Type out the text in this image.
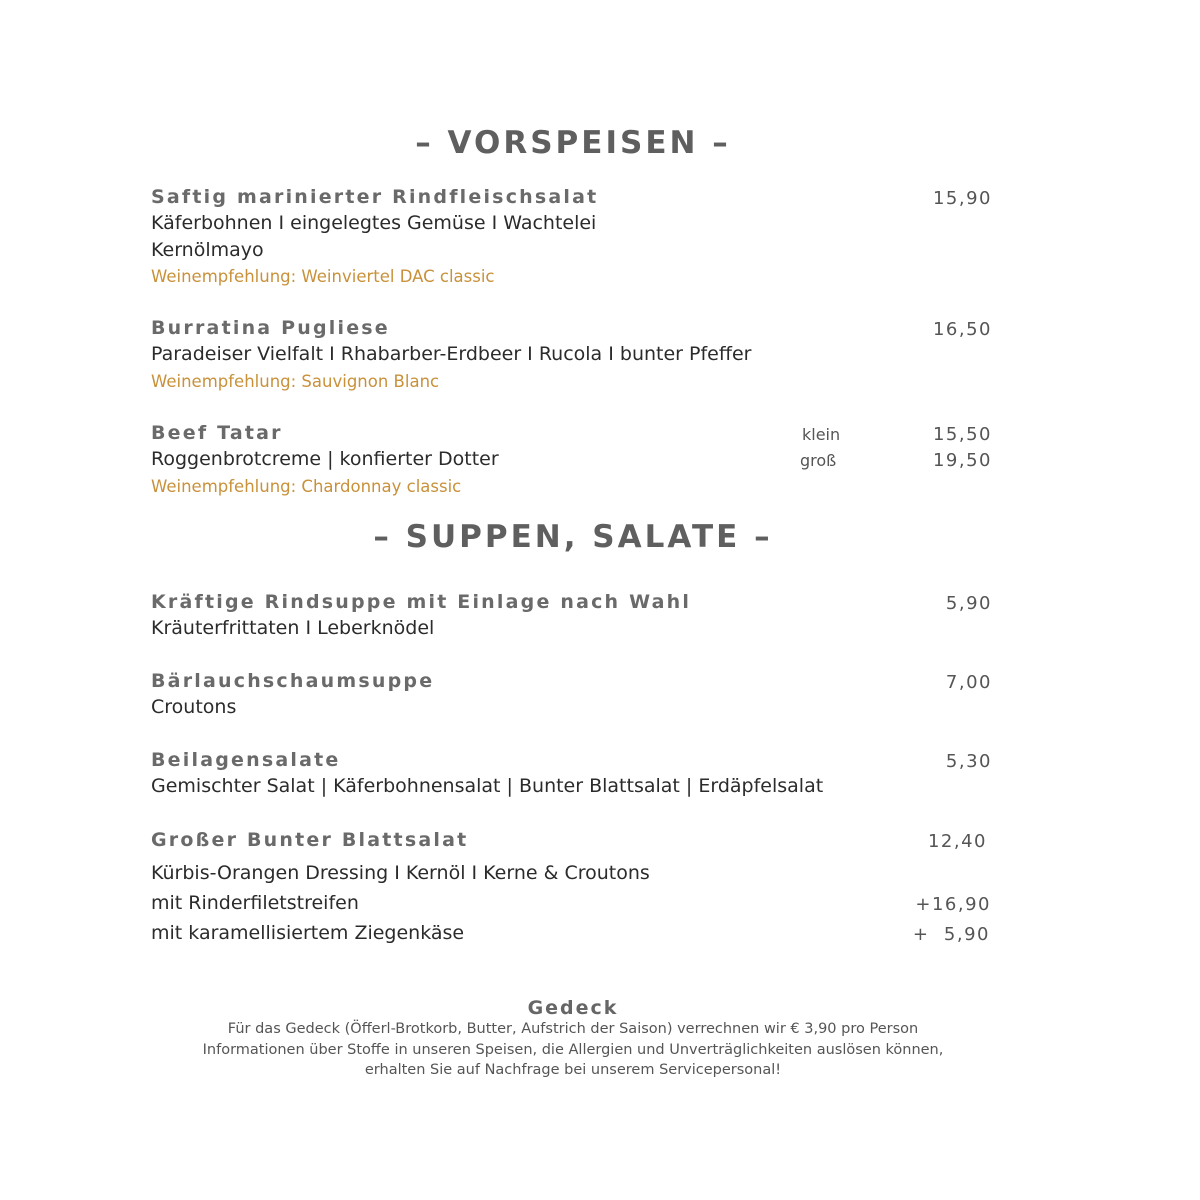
– VORSPEISEN –
Saftig marinierter Rindfleischsalat	15,90
Käferbohnen I eingelegtes Gemüse I Wachtelei
Kernölmayo
Weinempfehlung: Weinviertel DAC classic
Burratina Pugliese	16,50
Paradeiser Vielfalt I Rhabarber-Erdbeer I Rucola I bunter Pfeffer
Weinempfehlung: Sauvignon Blanc
Beef Tatar	klein	15,50
Roggenbrotcreme | konfierter Dotter	groß	19,50
Weinempfehlung: Chardonnay classic
– SUPPEN, SALATE –
Kräftige Rindsuppe mit Einlage nach Wahl	5,90
Kräuterfrittaten I Leberknödel
Bärlauchschaumsuppe	7,00
Croutons
Beilagensalate	5,30
Gemischter Salat | Käferbohnensalat | Bunter Blattsalat | Erdäpfelsalat
Großer Bunter Blattsalat	12,40
Kürbis-Orangen Dressing I Kernöl I Kerne & Croutons
mit Rinderfiletstreifen	+16,90
mit karamellisiertem Ziegenkäse	+  5,90
Gedeck
Für das Gedeck (Öfferl-Brotkorb, Butter, Aufstrich der Saison) verrechnen wir € 3,90 pro Person
Informationen über Stoffe in unseren Speisen, die Allergien und Unverträglichkeiten auslösen können,
erhalten Sie auf Nachfrage bei unserem Servicepersonal!
